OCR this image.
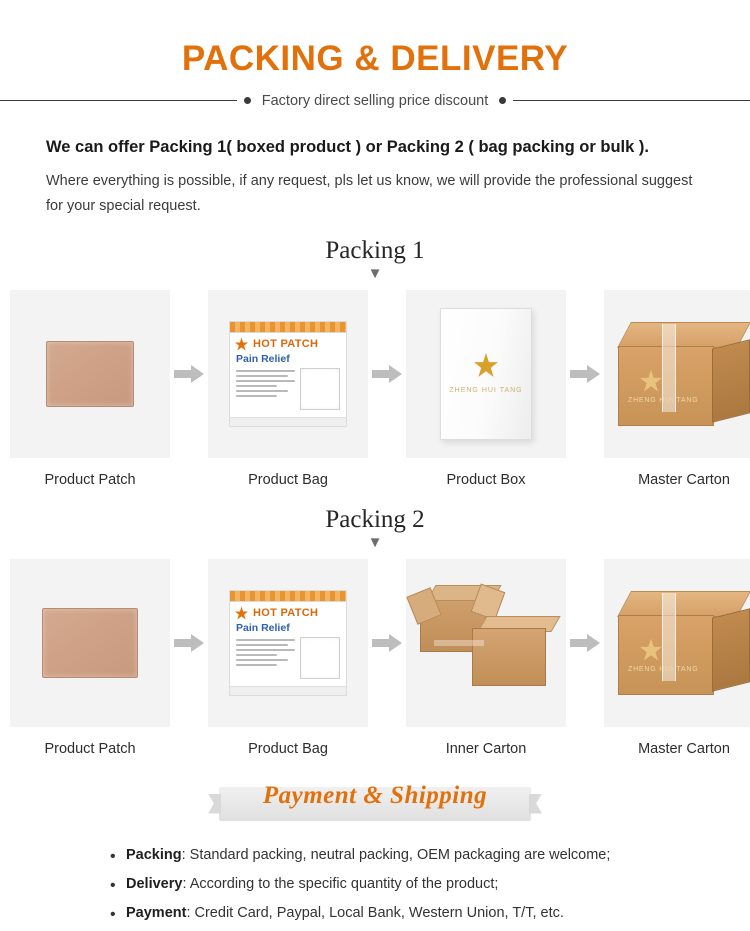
PACKING & DELIVERY
Factory direct selling price discount
We can offer Packing 1( boxed product ) or Packing 2 ( bag packing or bulk ).
Where everything is possible, if any request, pls let us know, we will provide the professional suggest for your special request.
Packing 1
▼
Product Patch
HOT PATCH
Pain Relief
Product Bag
ZHENG HUI TANG
Product Box
ZHENG HUI TANG
Master Carton
Packing 2
▼
Product Patch
HOT PATCH
Pain Relief
Product Bag	Inner Carton
ZHENG HUI TANG
Master Carton
Payment & Shipping
• Packing: Standard packing, neutral packing, OEM packaging are welcome;
• Delivery: According to the specific quantity of the product;
• Payment: Credit Card, Paypal, Local Bank, Western Union, T/T, etc.
